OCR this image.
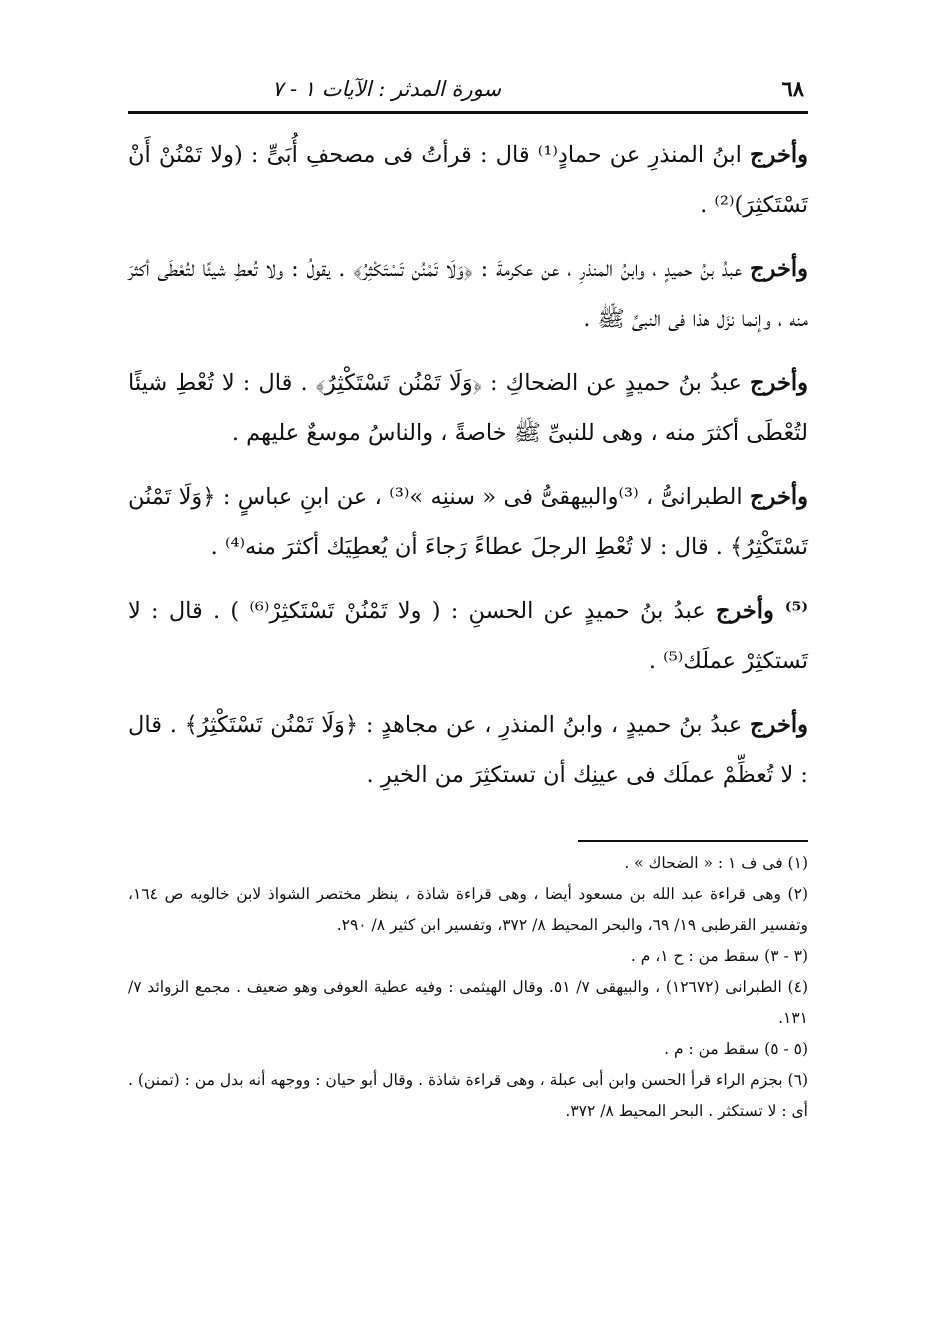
٦٨
سورة المدثر : الآيات ١ - ٧

وأخرج ابنُ المنذرِ عن حمادٍ⁽¹⁾ قال : قرأتُ فى مصحفِ أُبَىٍّ : (ولا تَمْنُنْ أَنْ تَسْتَكثِرَ)⁽²⁾ .

وأخرج عبدُ بنُ حميدٍ ، وابنُ المنذرِ ، عن عكرمةَ : ﴿وَلَا تَمْنُن تَسْتَكْثِرُ﴾ . يقولُ : ولا تُعطِ شيئًا لتُعْطَى أكثرَ منه ، وإنما نزَل هذا فى النبىِّ ﷺ .

وأخرج عبدُ بنُ حميدٍ عن الضحاكِ : ﴿وَلَا تَمْنُن تَسْتَكْثِرُ﴾ . قال : لا تُعْطِ شيئًا لتُعْطَى أكثرَ منه ، وهى للنبىِّ ﷺ خاصةً ، والناسُ موسعٌ عليهم .

وأخرج الطبرانىُّ ، ⁽³⁾والبيهقىُّ فى « سننِه »⁽³⁾ ، عن ابنِ عباسٍ : ﴿وَلَا تَمْنُن تَسْتَكْثِرُ﴾ . قال : لا تُعْطِ الرجلَ عطاءً رَجاءَ أن يُعطِيَك أكثرَ منه⁽⁴⁾ .

⁽⁵⁾ وأخرج عبدُ بنُ حميدٍ عن الحسنِ : ( ولا تَمْنُنْ تَسْتَكثِرْ⁽⁶⁾ ) . قال : لا تَستكثِرْ عملَك⁽⁵⁾ .

وأخرج عبدُ بنُ حميدٍ ، وابنُ المنذرِ ، عن مجاهدٍ : ﴿وَلَا تَمْنُن تَسْتَكْثِرُ﴾ . قال : لا تُعظِّمْ عملَك فى عينِك أن تستكثِرَ من الخيرِ .

(١) فى ف ١ : « الضحاك » .

(٢) وهى قراءة عبد الله بن مسعود أيضا ، وهى قراءة شاذة ، ينظر مختصر الشواذ لابن خالويه ص ١٦٤، وتفسير القرطبى ١٩/ ٦٩، والبحر المحيط ٨/ ٣٧٢، وتفسير ابن كثير ٨/ ٢٩٠.

(٣ - ٣) سقط من : ح ١، م .

(٤) الطبرانى (١٢٦٧٢) ، والبيهقى ٧/ ٥١. وقال الهيثمى : وفيه عطية العوفى وهو ضعيف . مجمع الزوائد ٧/ ١٣١.

(٥ - ٥) سقط من : م .

(٦) بجزم الراء قرأ الحسن وابن أبى عبلة ، وهى قراءة شاذة . وقال أبو حيان : ووجهه أنه بدل من : (تمنن) . أى : لا تستكثر . البحر المحيط ٨/ ٣٧٢.
